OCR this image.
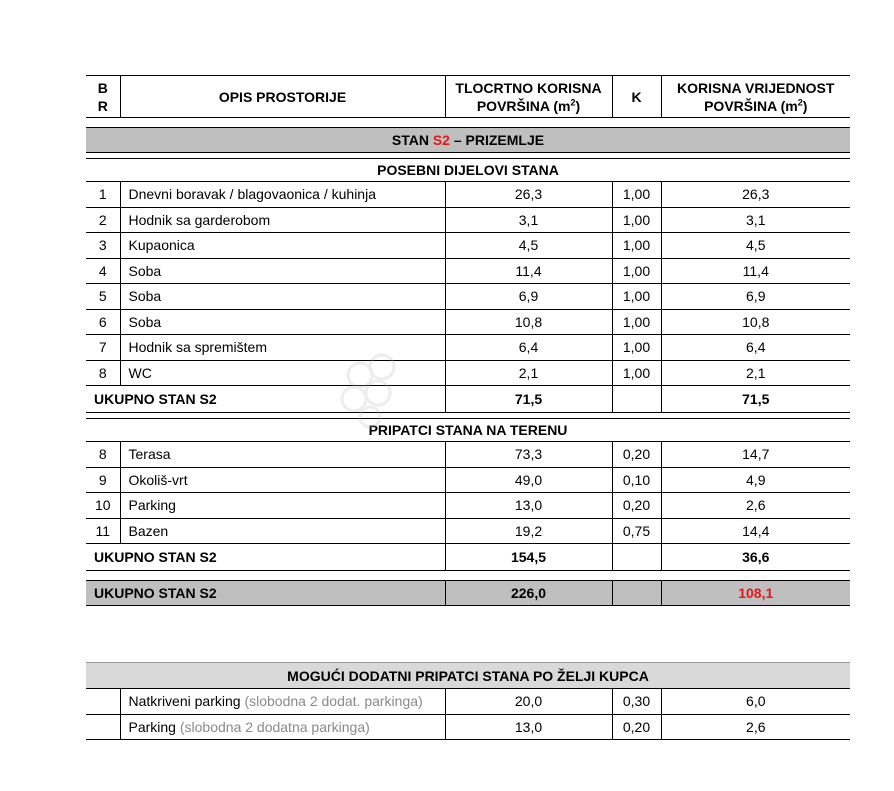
B
R	OPIS PROSTORIJE	TLOCRTNO KORISNA
POVRŠINA $(m^2)$	K	KORISNA VRIJEDNOST
POVRŠINA $(m^2)$

STAN S2 – PRIZEMLJE				

POSEBNI DIJELOVI STANA				
1	Dnevni boravak / blagovaonica / kuhinja	26,3	1,00	26,3
2	Hodnik sa garderobom	3,1	1,00	3,1
3	Kupaonica	4,5	1,00	4,5
4	Soba	11,4	1,00	11,4
5	Soba	6,9	1,00	6,9
6	Soba	10,8	1,00	10,8
7	Hodnik sa spremištem	6,4	1,00	6,4
8	WC	2,1	1,00	2,1
UKUPNO STAN S2		71,5		71,5

PRIPATCI STANA NA TERENU				
8	Terasa	73,3	0,20	14,7
9	Okoliš-vrt	49,0	0,10	4,9
10	Parking	13,0	0,20	2,6
11	Bazen	19,2	0,75	14,4
UKUPNO STAN S2		154,5		36,6

UKUPNO STAN S2		226,0		108,1
MOGUĆI DODATNI PRIPATCI STANA PO ŽELJI KUPCA				
	Natkriveni parking (slobodna 2 dodat. parkinga)	20,0	0,30	6,0
	Parking (slobodna 2 dodatna parkinga)	13,0	0,20	2,6
